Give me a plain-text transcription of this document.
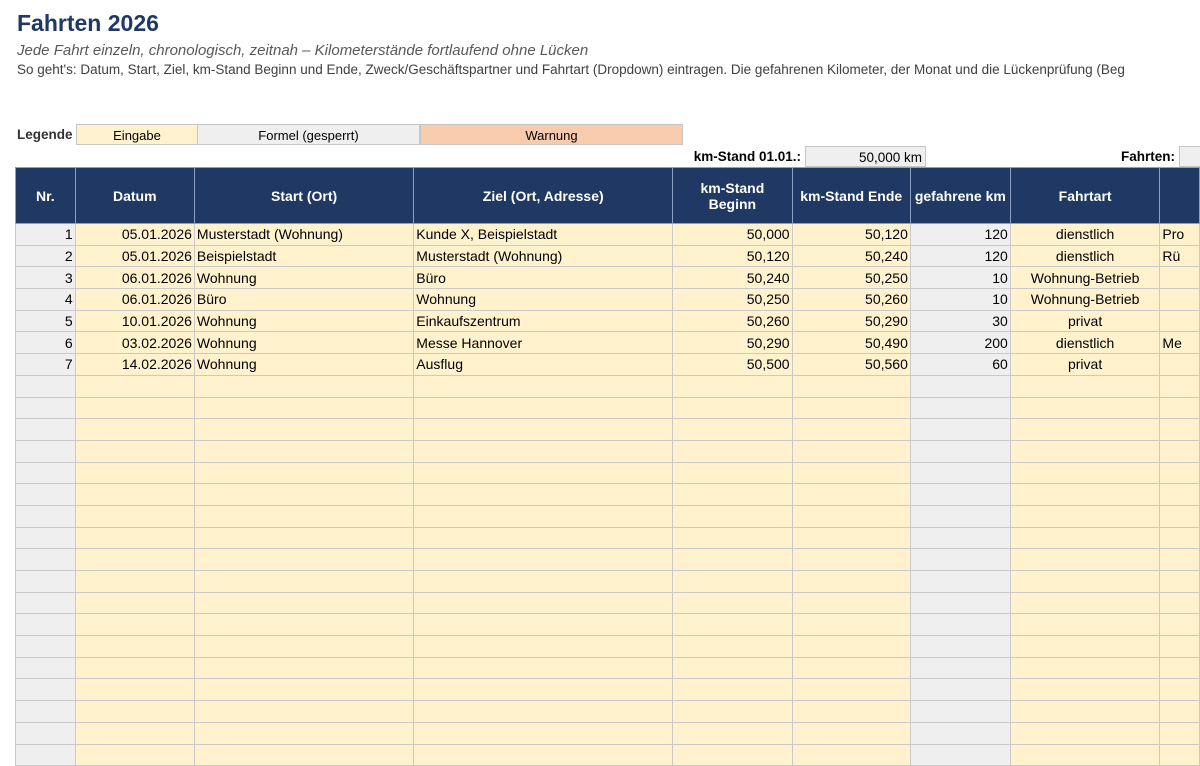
Fahrten 2026
Jede Fahrt einzeln, chronologisch, zeitnah – Kilometerstände fortlaufend ohne Lücken
So geht's: Datum, Start, Ziel, km-Stand Beginn und Ende, Zweck/Geschäftspartner und Fahrtart (Dropdown) eintragen. Die gefahrenen Kilometer, der Monat und die Lückenprüfung (Beg
Legende	Eingabe	Formel (gesperrt)	Warnung
km-Stand 01.01.:	50,000 km	Fahrten:
Nr.	Datum	Start (Ort)	Ziel (Ort, Adresse)	km-Stand
Beginn	km-Stand Ende	gefahrene km	Fahrtart	
1	05.01.2026	Musterstadt (Wohnung)	Kunde X, Beispielstadt	50,000	50,120	120	dienstlich	Pro
2	05.01.2026	Beispielstadt	Musterstadt (Wohnung)	50,120	50,240	120	dienstlich	Rü
3	06.01.2026	Wohnung	Büro	50,240	50,250	10	Wohnung-Betrieb	
4	06.01.2026	Büro	Wohnung	50,250	50,260	10	Wohnung-Betrieb	
5	10.01.2026	Wohnung	Einkaufszentrum	50,260	50,290	30	privat	
6	03.02.2026	Wohnung	Messe Hannover	50,290	50,490	200	dienstlich	Me
7	14.02.2026	Wohnung	Ausflug	50,500	50,560	60	privat	
